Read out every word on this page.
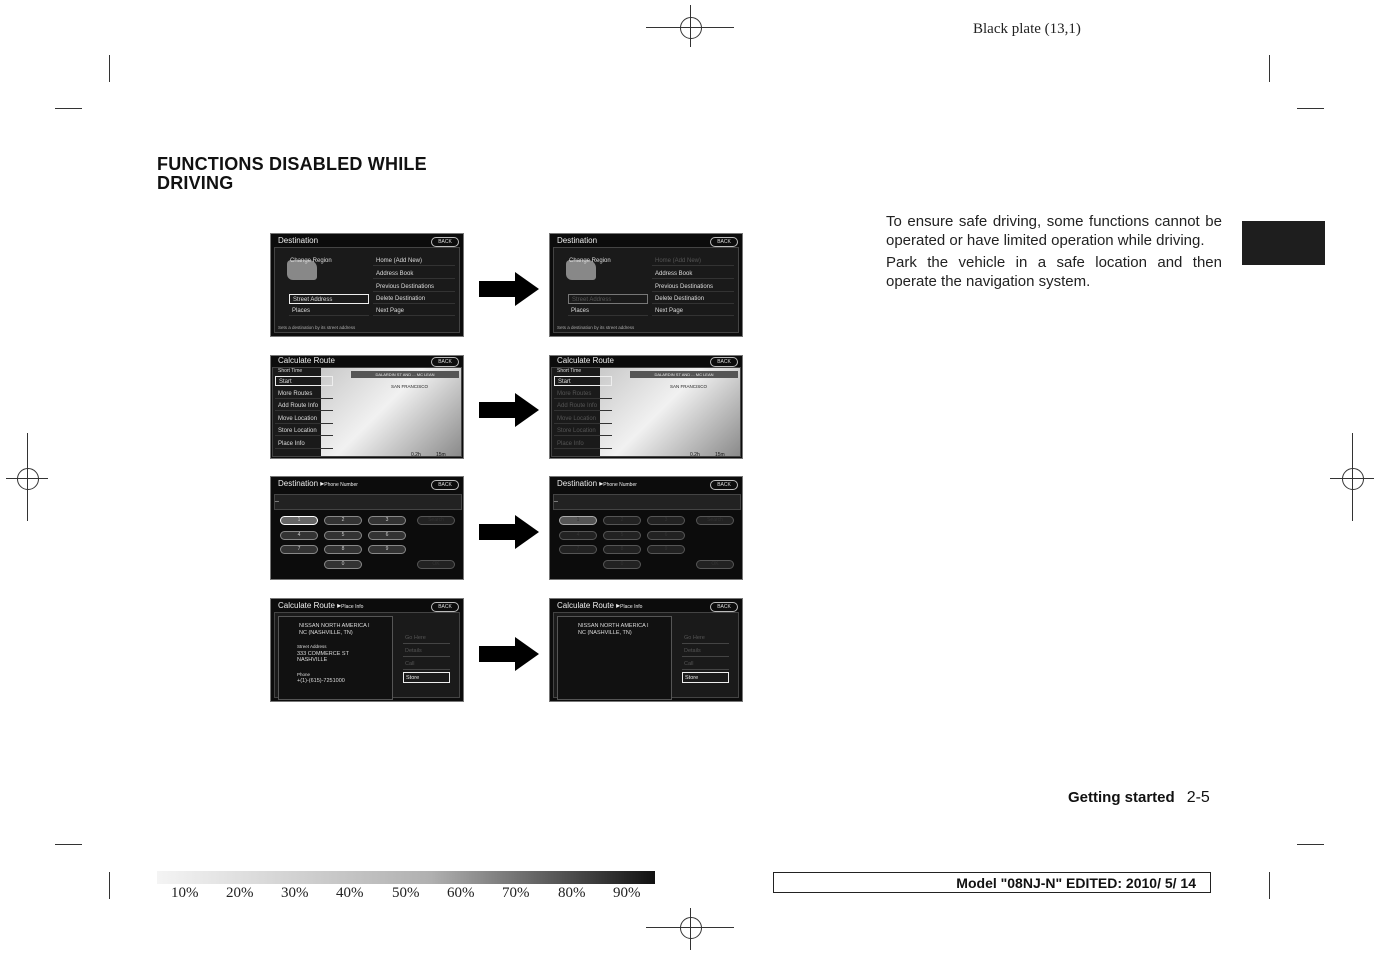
Black plate (13,1)
FUNCTIONS DISABLED WHILE DRIVING

To ensure safe driving, some functions cannot be operated or have limited operation while driving.

Park the vehicle in a safe location and then operate the navigation system.

Destination	BACK
Change Region
Street Address
Places
Home (Add New)
Address Book
Previous Destinations
Delete Destination
Next Page
Sets a destination by its street address
Destination	BACK
Change Region
Street Address
Places
Home (Add New)
Address Book
Previous Destinations
Delete Destination
Next Page
Sets a destination by its street address
Calculate Route	BACK
DALARDIN ST AND ... MC LEAN
SAN FRANCISCO
0.2h	15m
Short Time
Start
More Routes
Add Route Info
Move Location
Store Location
Place Info
Calculate Route	BACK
DALARDIN ST AND ... MC LEAN
SAN FRANCISCO
0.2h	15m
Short Time
Start
More Routes
Add Route Info
Move Location
Store Location
Place Info
Destination ▸Phone Number	BACK
_
1	2	3
4	5	6
7	8	9
0
Search
OK
Destination ▸Phone Number	BACK
_
1	2	3
4	5	6
7	8	9
0
Search
OK
Calculate Route ▸Place Info	BACK
NISSAN NORTH AMERICA I
NC (NASHVILLE, TN)
Street Address
333 COMMERCE ST
NASHVILLE
Phone
+(1)-(615)-7251000
Go Here
Details
Call
Store
Calculate Route ▸Place Info	BACK
NISSAN NORTH AMERICA I
NC (NASHVILLE, TN)
Go Here
Details
Call
Store
Getting started 2-5
10% 20% 30% 40% 50% 60% 70% 80% 90%
Model "08NJ-N" EDITED: 2010/ 5/ 14
